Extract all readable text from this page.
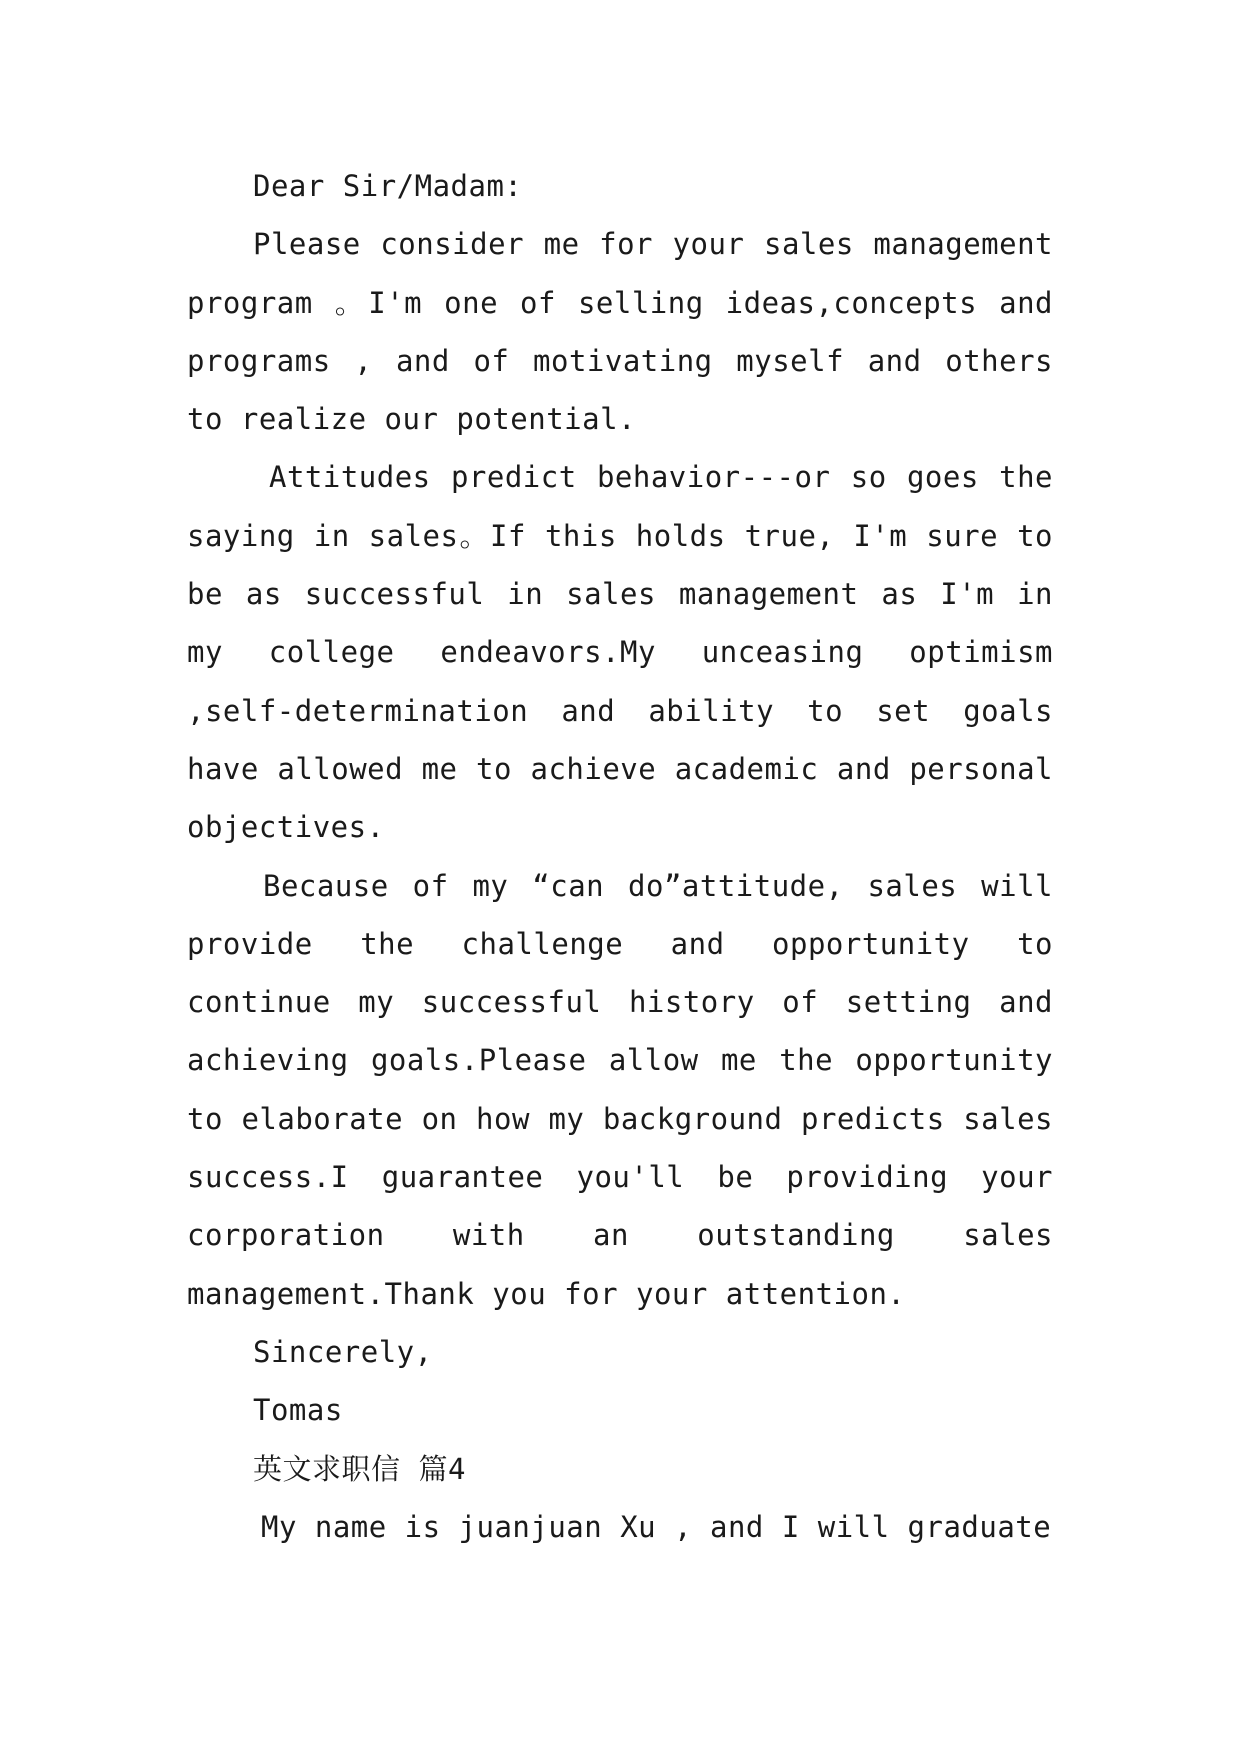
Dear Sir/Madam:

Please consider me for your sales management program 。I'm one of selling ideas,concepts and programs , and of motivating myself and others to realize our potential.

Attitudes predict behavior---or so goes the saying in sales。If this holds true, I'm sure to be as successful in sales management as I'm in my college endeavors.My unceasing optimism ,self-determination and ability to set goals have allowed me to achieve academic and personal objectives.

Because of my “can do”attitude, sales will provide the challenge and opportunity to continue my successful history of setting and achieving goals.Please allow me the opportunity to elaborate on how my background predicts sales success.I guarantee you'll be providing your corporation with an outstanding sales management.Thank you for your attention.

Sincerely,

Tomas

英文求职信 篇4

My name is juanjuan Xu , and I will graduate
